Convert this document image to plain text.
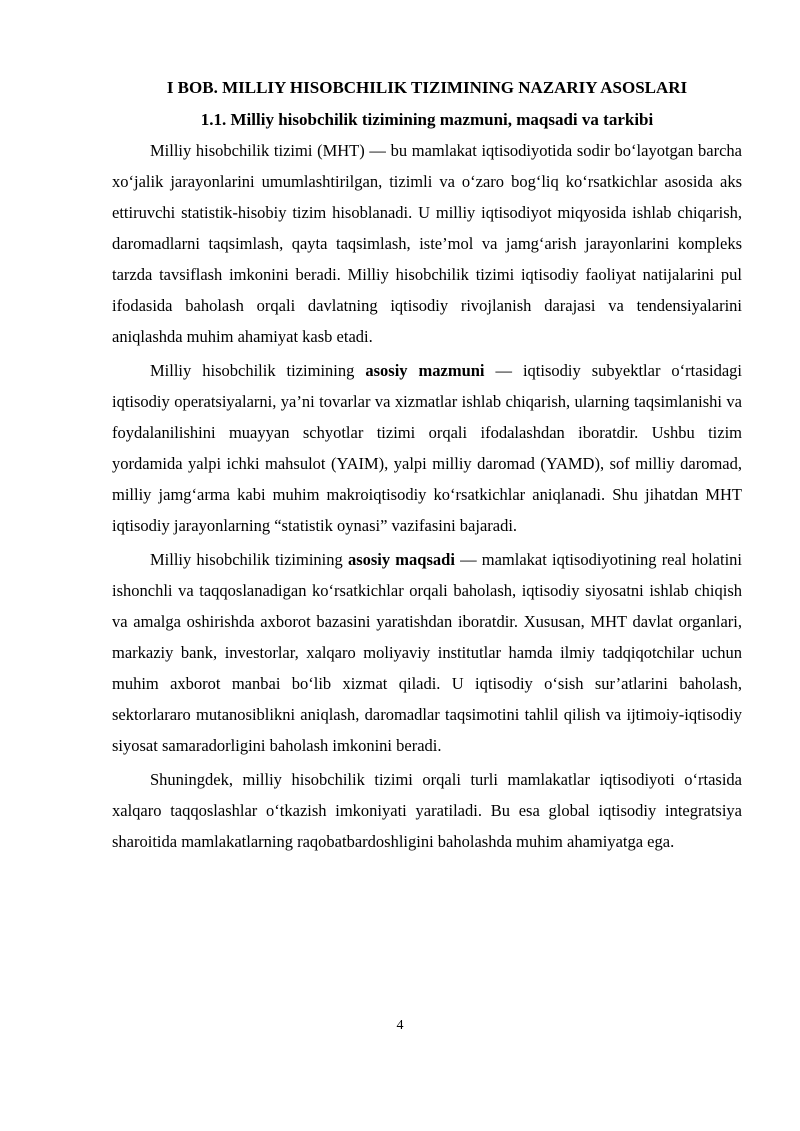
I BOB. MILLIY HISOBCHILIK TIZIMINING NAZARIY ASOSLARI
1.1. Milliy hisobchilik tizimining mazmuni, maqsadi va tarkibi

Milliy hisobchilik tizimi (MHT) — bu mamlakat iqtisodiyotida sodir bo‘layotgan barcha xo‘jalik jarayonlarini umumlashtirilgan, tizimli va o‘zaro bog‘liq ko‘rsatkichlar asosida aks ettiruvchi statistik-hisobiy tizim hisoblanadi. U milliy iqtisodiyot miqyosida ishlab chiqarish, daromadlarni taqsimlash, qayta taqsimlash, iste’mol va jamg‘arish jarayonlarini kompleks tarzda tavsiflash imkonini beradi. Milliy hisobchilik tizimi iqtisodiy faoliyat natijalarini pul ifodasida baholash orqali davlatning iqtisodiy rivojlanish darajasi va tendensiyalarini aniqlashda muhim ahamiyat kasb etadi.

Milliy hisobchilik tizimining asosiy mazmuni — iqtisodiy subyektlar o‘rtasidagi iqtisodiy operatsiyalarni, ya’ni tovarlar va xizmatlar ishlab chiqarish, ularning taqsimlanishi va foydalanilishini muayyan schyotlar tizimi orqali ifodalashdan iboratdir. Ushbu tizim yordamida yalpi ichki mahsulot (YAIM), yalpi milliy daromad (YAMD), sof milliy daromad, milliy jamg‘arma kabi muhim makroiqtisodiy ko‘rsatkichlar aniqlanadi. Shu jihatdan MHT iqtisodiy jarayonlarning “statistik oynasi” vazifasini bajaradi.

Milliy hisobchilik tizimining asosiy maqsadi — mamlakat iqtisodiyotining real holatini ishonchli va taqqoslanadigan ko‘rsatkichlar orqali baholash, iqtisodiy siyosatni ishlab chiqish va amalga oshirishda axborot bazasini yaratishdan iboratdir. Xususan, MHT davlat organlari, markaziy bank, investorlar, xalqaro moliyaviy institutlar hamda ilmiy tadqiqotchilar uchun muhim axborot manbai bo‘lib xizmat qiladi. U iqtisodiy o‘sish sur’atlarini baholash, sektorlararo mutanosiblikni aniqlash, daromadlar taqsimotini tahlil qilish va ijtimoiy-iqtisodiy siyosat samaradorligini baholash imkonini beradi.

Shuningdek, milliy hisobchilik tizimi orqali turli mamlakatlar iqtisodiyoti o‘rtasida xalqaro taqqoslashlar o‘tkazish imkoniyati yaratiladi. Bu esa global iqtisodiy integratsiya sharoitida mamlakatlarning raqobatbardoshligini baholashda muhim ahamiyatga ega.

4
